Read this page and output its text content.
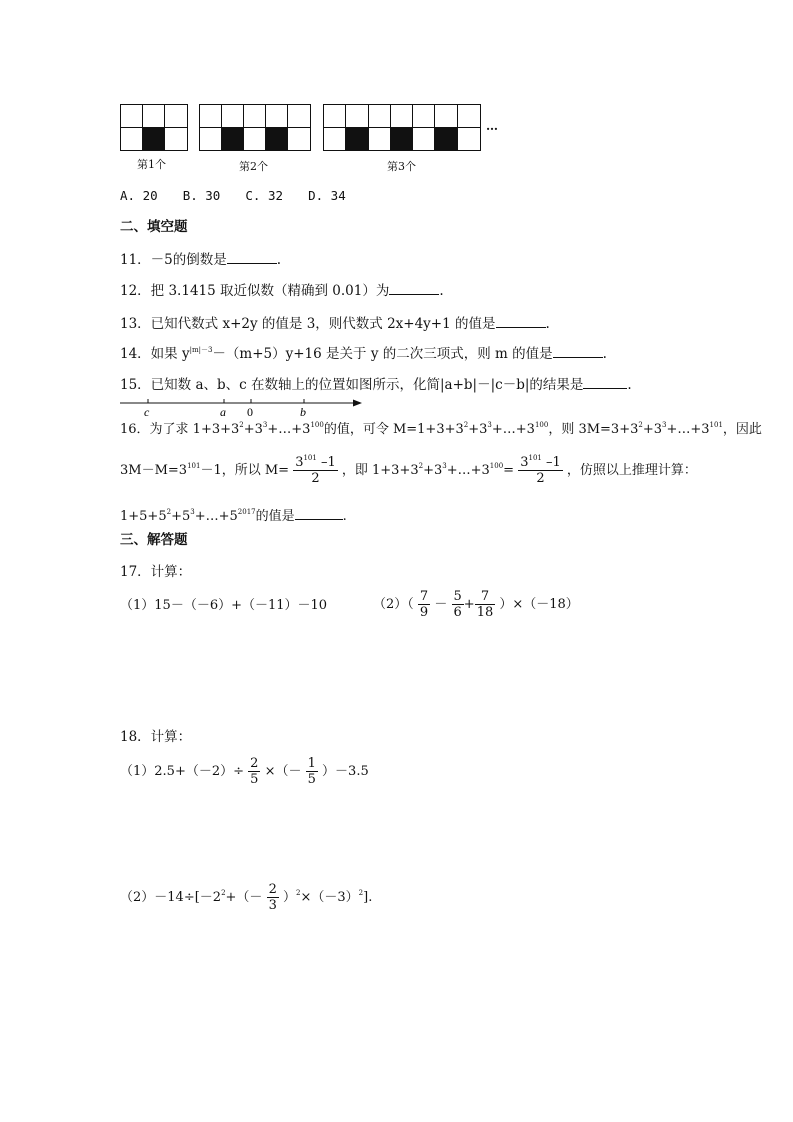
第1个	第2个	第3个
…
A. 20 B. 30 C. 32 D. 34
二、填空题
11．－5的倒数是	.
12．把 3.1415 取近似数（精确到 0.01）为	.
13．已知代数式 x+2y 的值是 3，则代数式 2x+4y+1 的值是	.
14．如果 $y^{|m|-3}-(m+5)y+16$ 是关于 y 的二次三项式，则 m 的值是	.
15．已知数 a、b、c 在数轴上的位置如图所示，化简|a+b|－|c－b|的结果是	.
c	a 0	b
16．为了求 $1+3+3^2+3^3+\dots+3^{100}$的值，可令 $M=1+3+3^2+3^3+\dots+3^{100}$，则 $3M=3+3^2+3^3+\dots+3^{101}$，因此
$3M-M=3^{101}-1$，所以 $M= \frac{3^{101} -1}{2}$ ，即 $1+3+3^2+3^3+\dots+3^{100}= \frac{3^{101} -1}{2}$ ，仿照以上推理计算：
$1+5+5^2+5^3+\dots+5^{2017}$的值是	.
三、解答题
17．计算：
（1）15－（－6）+（－11）－10	$(2)( \frac{7}{9} - \frac{5}{6} + \frac{7}{18} )\times(-18)$
18．计算：
$(1)2.5+(-2)\div \frac{2}{5}$ ×（－ $\frac{1}{5} )-3.5$
$(2)-14\div[-2^2+(- \frac{2}{3} )^2\times(-3)^2]$.
